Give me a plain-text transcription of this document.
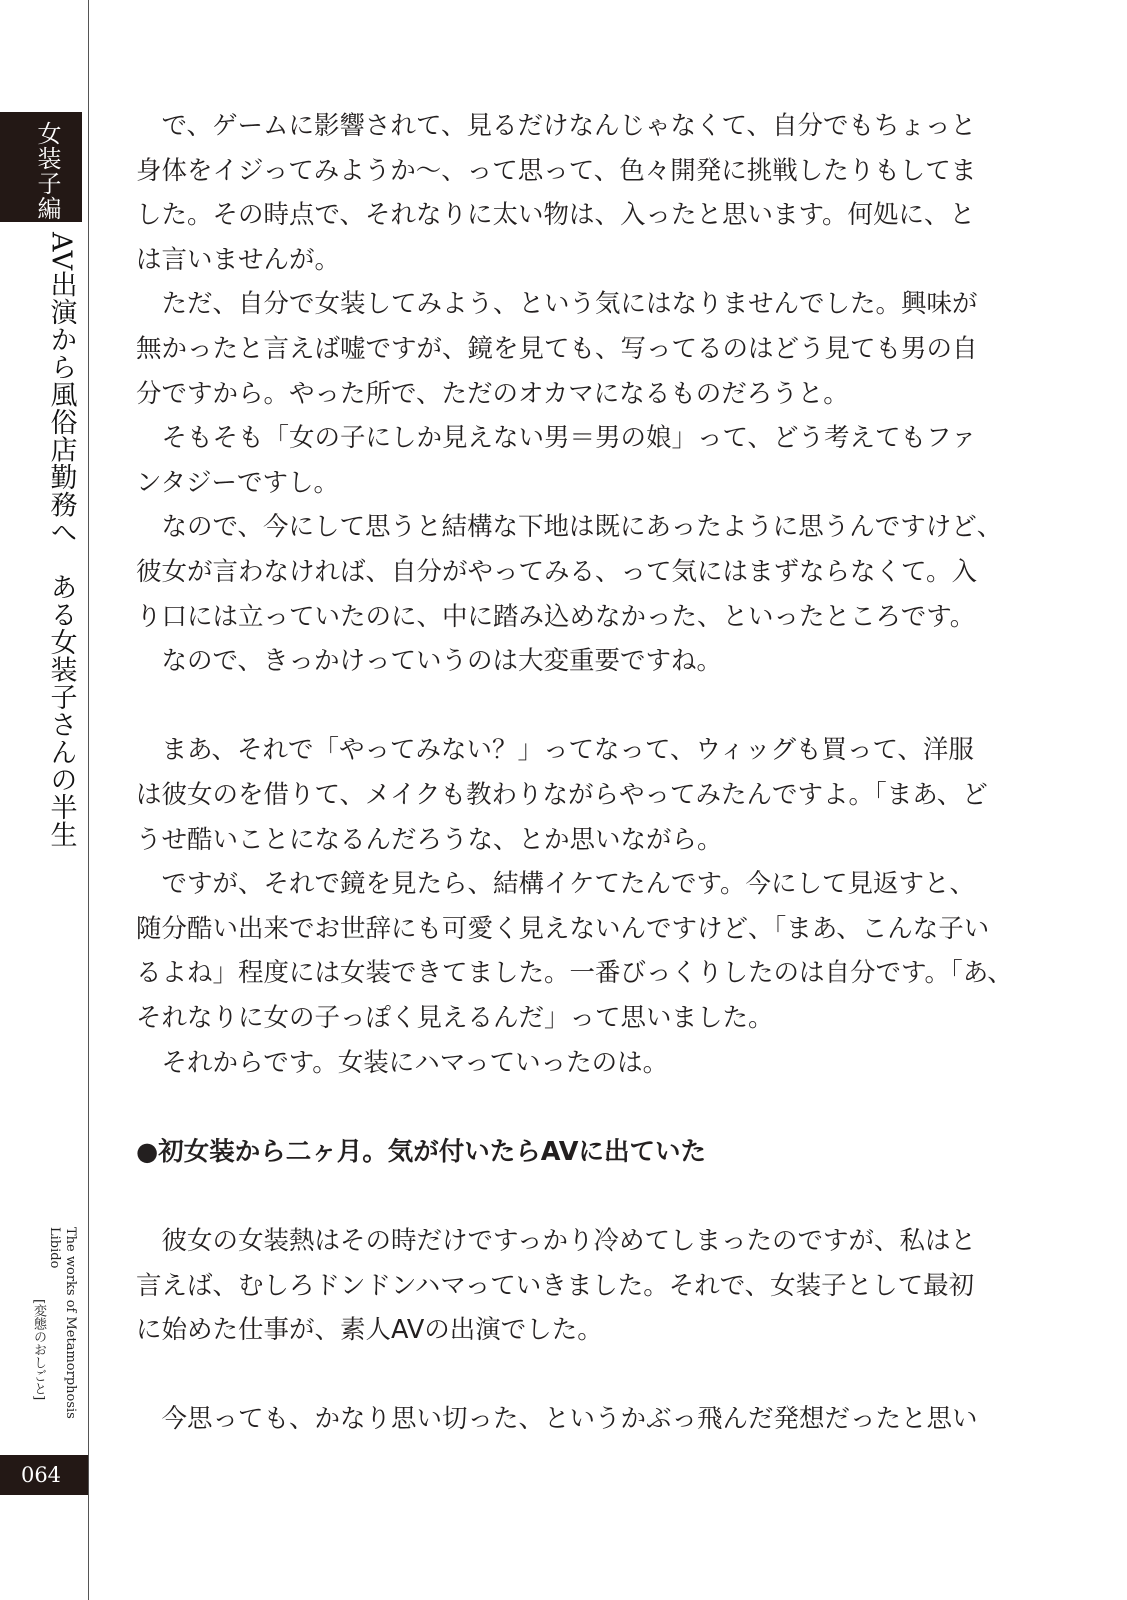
女装子編
AV出演から風俗店勤務へ　ある女装子さんの半生
The works of Metamorphosis Libido
[変態のおしごと]
064
　で、ゲームに影響されて、見るだけなんじゃなくて、自分でもちょっと
身体をイジってみようか〜、って思って、色々開発に挑戦したりもしてま
した。その時点で、それなりに太い物は、入ったと思います。何処に、と
は言いませんが。
　ただ、自分で女装してみよう、という気にはなりませんでした。興味が
無かったと言えば嘘ですが、鏡を見ても、写ってるのはどう見ても男の自
分ですから。やった所で、ただのオカマになるものだろうと。
　そもそも「女の子にしか見えない男＝男の娘」って、どう考えてもファ
ンタジーですし。
　なので、今にして思うと結構な下地は既にあったように思うんですけど、
彼女が言わなければ、自分がやってみる、って気にはまずならなくて。入
り口には立っていたのに、中に踏み込めなかった、といったところです。
　なので、きっかけっていうのは大変重要ですね。
　まあ、それで「やってみない？」ってなって、ウィッグも買って、洋服
は彼女のを借りて、メイクも教わりながらやってみたんですよ。「まあ、ど
うせ酷いことになるんだろうな、とか思いながら。
　ですが、それで鏡を見たら、結構イケてたんです。今にして見返すと、
随分酷い出来でお世辞にも可愛く見えないんですけど、「まあ、こんな子い
るよね」程度には女装できてました。一番びっくりしたのは自分です。「あ、
それなりに女の子っぽく見えるんだ」って思いました。
　それからです。女装にハマっていったのは。
●初女装から二ヶ月。気が付いたらAVに出ていた
　彼女の女装熱はその時だけですっかり冷めてしまったのですが、私はと
言えば、むしろドンドンハマっていきました。それで、女装子として最初
に始めた仕事が、素人AVの出演でした。
　今思っても、かなり思い切った、というかぶっ飛んだ発想だったと思い
